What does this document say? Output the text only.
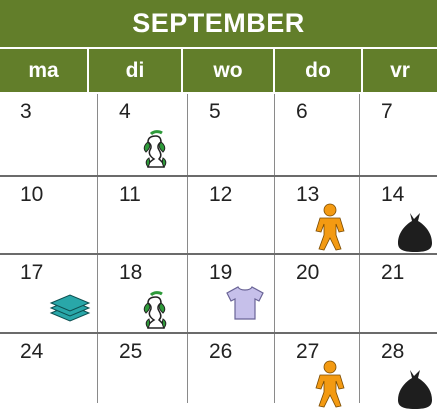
SEPTEMBER
ma	di	wo	do	vr
3	4	5	6	7
10	11	12	13	14
17	18	19	20	21
24	25	26	27	28
